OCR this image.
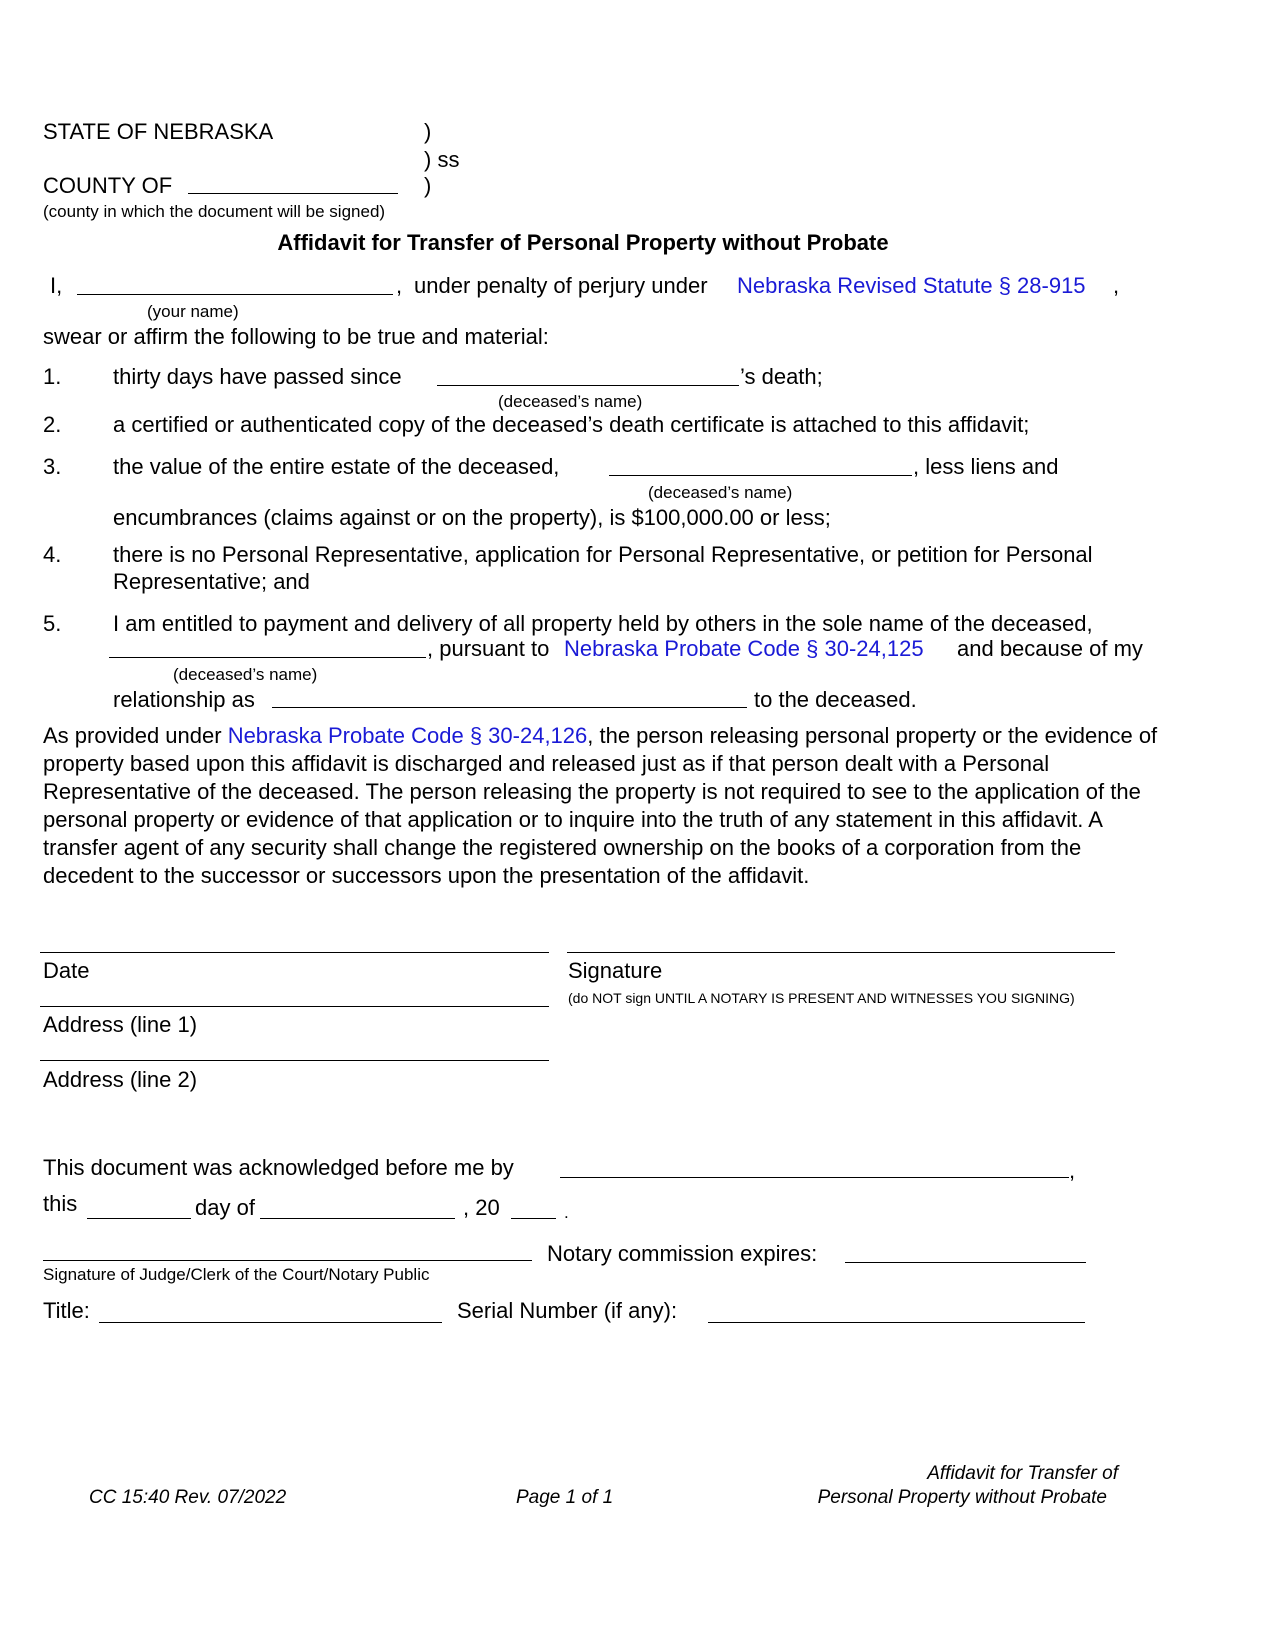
STATE OF NEBRASKA	)
) ss
COUNTY OF	)
(county in which the document will be signed)
Affidavit for Transfer of Personal Property without Probate
I,	, under penalty of perjury under Nebraska Revised Statute § 28-915 ,
(your name)
swear or affirm the following to be true and material:
1. thirty days have passed since	’s death;
(deceased’s name)
2. a certified or authenticated copy of the deceased’s death certificate is attached to this affidavit;
3. the value of the entire estate of the deceased,	, less liens and
(deceased’s name)
encumbrances (claims against or on the property), is $100,000.00 or less;
4. there is no Personal Representative, application for Personal Representative, or petition for Personal
Representative; and
5. I am entitled to payment and delivery of all property held by others in the sole name of the deceased,
, pursuant to Nebraska Probate Code § 30-24,125 and because of my
(deceased’s name)
relationship as	to the deceased.
As provided under Nebraska Probate Code § 30-24,126, the person releasing personal property or the evidence of property based upon this affidavit is discharged and released just as if that person dealt with a Personal Representative of the deceased. The person releasing the property is not required to see to the application of the personal property or evidence of that application or to inquire into the truth of any statement in this affidavit. A transfer agent of any security shall change the registered ownership on the books of a corporation from the decedent to the successor or successors upon the presentation of the affidavit.
Date	Signature
(do NOT sign UNTIL A NOTARY IS PRESENT AND WITNESSES YOU SIGNING)
Address (line 1)
Address (line 2)
This document was acknowledged before me by	,
this	day of	, 20	.
Notary commission expires:
Signature of Judge/Clerk of the Court/Notary Public
Title:	Serial Number (if any):
CC 15:40 Rev. 07/2022	Page 1 of 1
Affidavit for Transfer of
Personal Property without Probate
